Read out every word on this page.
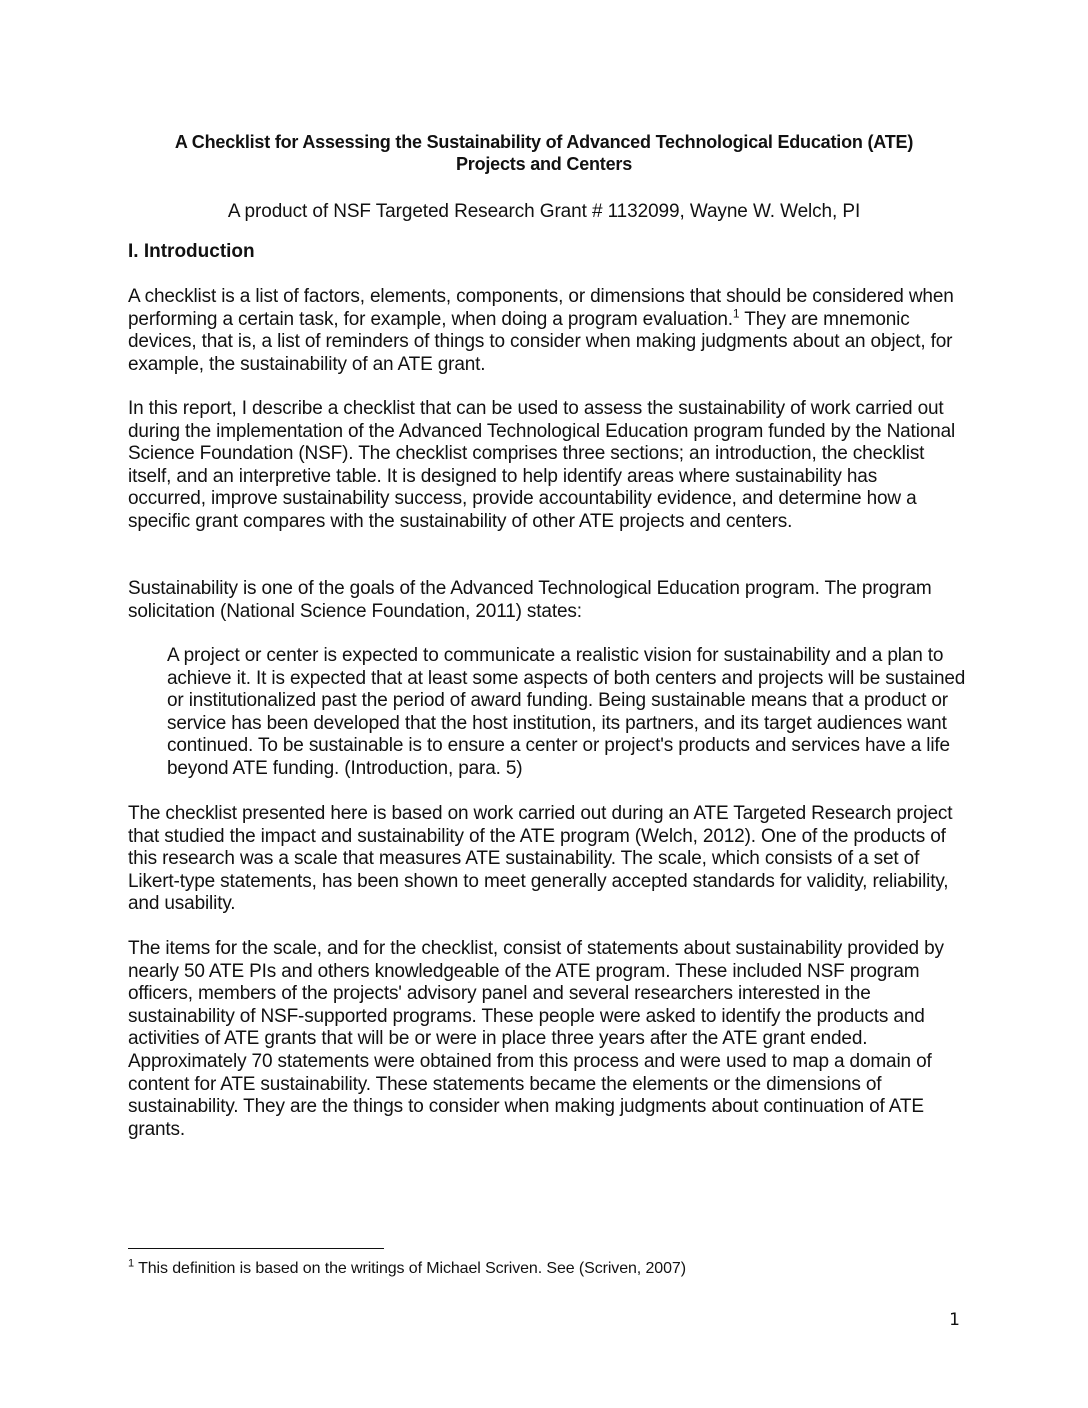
A Checklist for Assessing the Sustainability of Advanced Technological Education (ATE)
Projects and Centers
A product of NSF Targeted Research Grant # 1132099, Wayne W. Welch, PI
I. Introduction

A checklist is a list of factors, elements, components, or dimensions that should be considered when performing a certain task, for example, when doing a program evaluation.$^1$ They are mnemonic devices, that is, a list of reminders of things to consider when making judgments about an object, for example, the sustainability of an ATE grant.

In this report, I describe a checklist that can be used to assess the sustainability of work carried out during the implementation of the Advanced Technological Education program funded by the National Science Foundation (NSF). The checklist comprises three sections; an introduction, the checklist itself, and an interpretive table. It is designed to help identify areas where sustainability has occurred, improve sustainability success, provide accountability evidence, and determine how a specific grant compares with the sustainability of other ATE projects and centers.

Sustainability is one of the goals of the Advanced Technological Education program. The program solicitation (National Science Foundation, 2011) states:

A project or center is expected to communicate a realistic vision for sustainability and a plan to achieve it. It is expected that at least some aspects of both centers and projects will be sustained or institutionalized past the period of award funding. Being sustainable means that a product or service has been developed that the host institution, its partners, and its target audiences want continued. To be sustainable is to ensure a center or project's products and services have a life beyond ATE funding. (Introduction, para. 5)

The checklist presented here is based on work carried out during an ATE Targeted Research project that studied the impact and sustainability of the ATE program (Welch, 2012). One of the products of this research was a scale that measures ATE sustainability. The scale, which consists of a set of Likert-type statements, has been shown to meet generally accepted standards for validity, reliability, and usability.

The items for the scale, and for the checklist, consist of statements about sustainability provided by nearly 50 ATE PIs and others knowledgeable of the ATE program. These included NSF program officers, members of the projects' advisory panel and several researchers interested in the sustainability of NSF-supported programs. These people were asked to identify the products and activities of ATE grants that will be or were in place three years after the ATE grant ended. Approximately 70 statements were obtained from this process and were used to map a domain of content for ATE sustainability. These statements became the elements or the dimensions of sustainability. They are the things to consider when making judgments about continuation of ATE grants.

$^1$ This definition is based on the writings of Michael Scriven. See (Scriven, 2007)
1
